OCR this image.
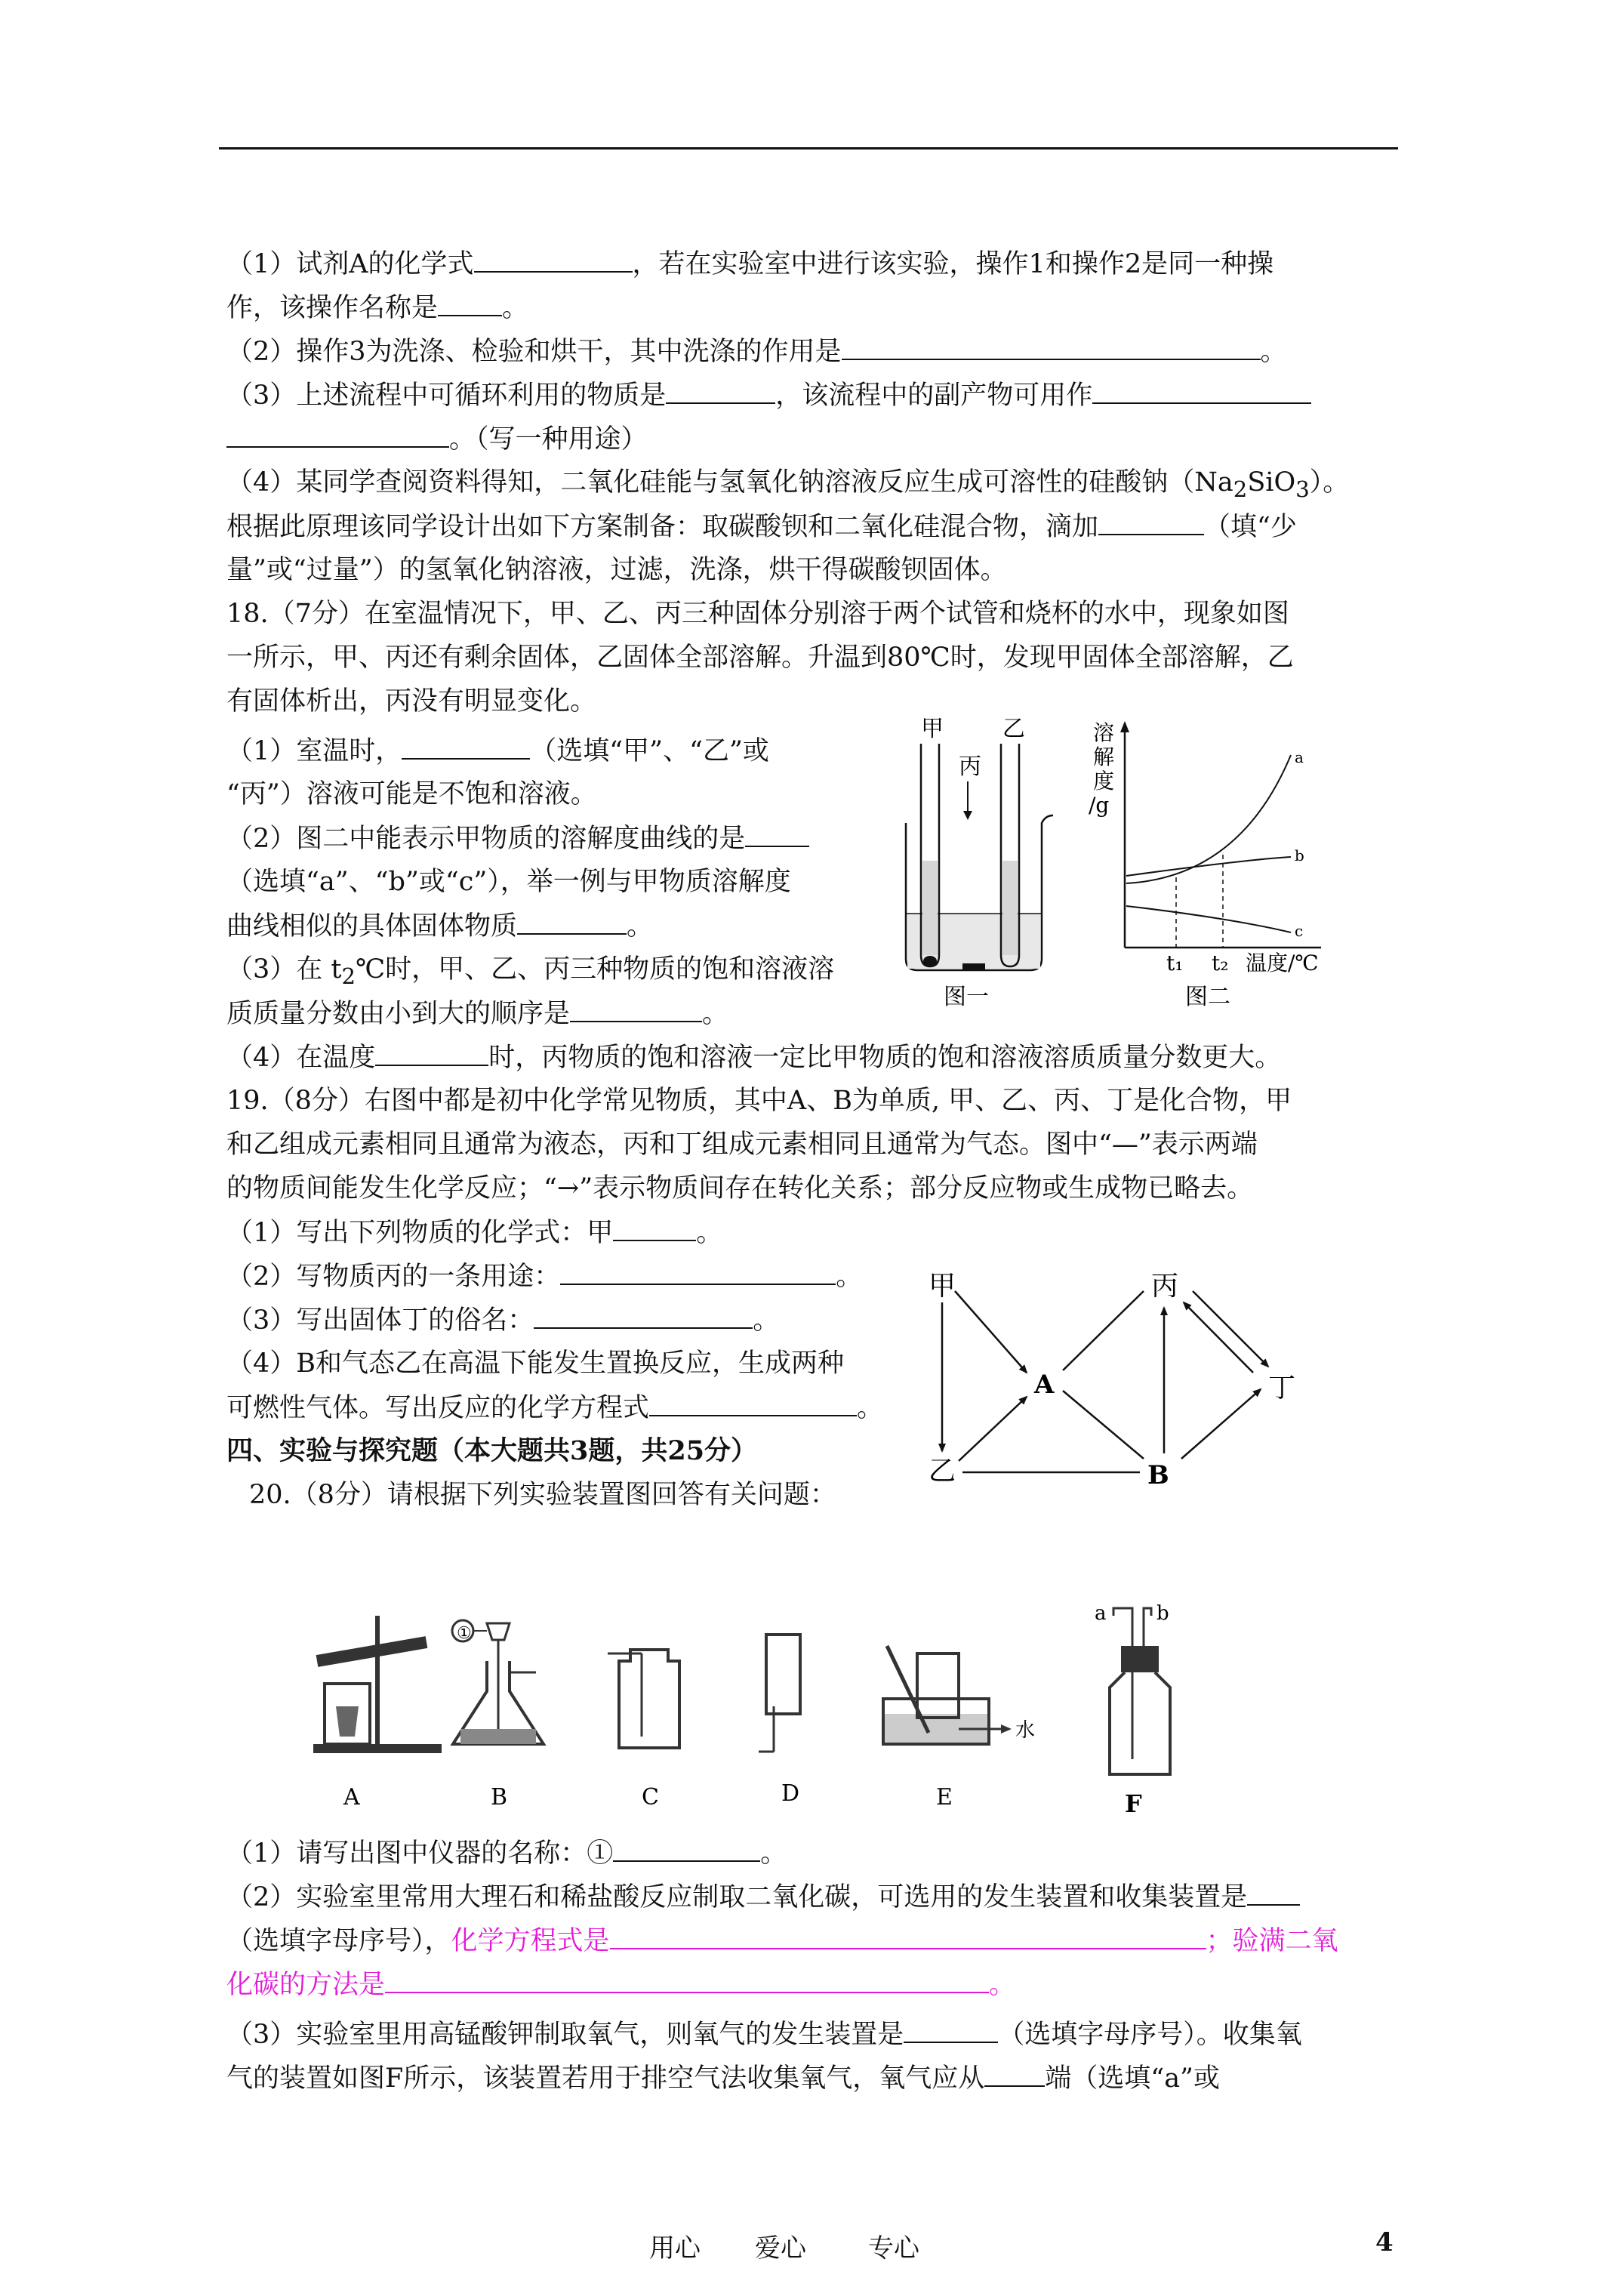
（1）试剂A的化学式	，若在实验室中进行该实验，操作1和操作2是同一种操
作，该操作名称是 。
（2）操作3为洗涤、检验和烘干，其中洗涤的作用是	。
（3）上述流程中可循环利用的物质是	，该流程中的副产物可用作
。（写一种用途）
（4）某同学查阅资料得知，二氧化硅能与氢氧化钠溶液反应生成可溶性的硅酸钠$(Na_2SiO_3)$。
根据此原理该同学设计出如下方案制备：取碳酸钡和二氧化硅混合物，滴加	（填“少
量”或“过量”）的氢氧化钠溶液，过滤，洗涤，烘干得碳酸钡固体。
18.（7分）在室温情况下，甲、乙、丙三种固体分别溶于两个试管和烧杯的水中，现象如图
一所示，甲、丙还有剩余固体，乙固体全部溶解。升温到80℃时，发现甲固体全部溶解，乙
有固体析出，丙没有明显变化。
（1）室温时，	（选填“甲”、“乙”或
“丙”）溶液可能是不饱和溶液。
（2）图二中能表示甲物质的溶解度曲线的是
（选填“a”、“b”或“c”），举一例与甲物质溶解度
曲线相似的具体固体物质	。
（3）在 $t_2℃$时，甲、乙、丙三种物质的饱和溶液溶
质质量分数由小到大的顺序是	。
（4）在温度	时，丙物质的饱和溶液一定比甲物质的饱和溶液溶质质量分数更大。
甲	乙
丙
图一
溶
解
度
/g
a
b
c
t₁ t₂ 温度/℃
图二
19.（8分）右图中都是初中化学常见物质，其中A、B为单质, 甲、乙、丙、丁是化合物，甲
和乙组成元素相同且通常为液态，丙和丁组成元素相同且通常为气态。图中“—”表示两端
的物质间能发生化学反应；“→”表示物质间存在转化关系；部分反应物或生成物已略去。
（1）写出下列物质的化学式：甲	。
（2）写物质丙的一条用途：	。
（3）写出固体丁的俗名：	。
（4）B和气态乙在高温下能发生置换反应，生成两种
可燃性气体。写出反应的化学方程式	。
甲
乙
A
丙
B
丁
四、实验与探究题（本大题共3题，共25分）
20.（8分）请根据下列实验装置图回答有关问题：
A
①
B	C	D
水
E
a	b
F
（1）请写出图中仪器的名称：①	。
（2）实验室里常用大理石和稀盐酸反应制取二氧化碳，可选用的发生装置和收集装置是
（选填字母序号），化学方程式是	；验满二氧
化碳的方法是	。
（3）实验室里用高锰酸钾制取氧气，则氧气的发生装置是	（选填字母序号）。收集氧
气的装置如图F所示，该装置若用于排空气法收集氧气，氧气应从 端（选填“a”或
用心 爱心 专心	4
